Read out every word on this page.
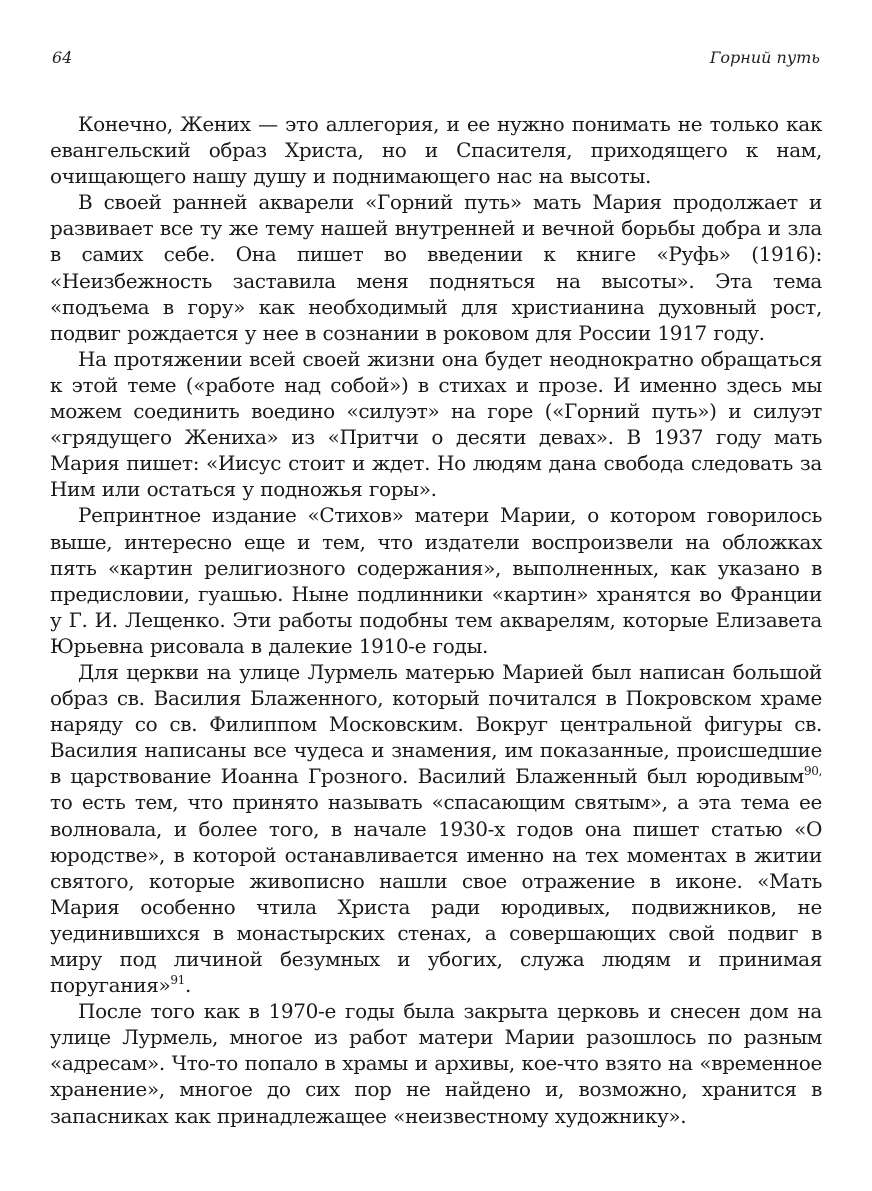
64	Горний путь

Конечно, Жених — это аллегория, и ее нужно понимать не только как евангельский образ Христа, но и Спасителя, приходящего к нам, очищающего нашу душу и поднимающего нас на высоты.

В своей ранней акварели «Горний путь» мать Мария продолжает и развивает все ту же тему нашей внутренней и вечной борьбы добра и зла в самих себе. Она пишет во введении к книге «Руфь» (1916): «Неизбежность заставила меня подняться на высоты». Эта тема «подъема в гору» как необходимый для христианина духовный рост, подвиг рождается у нее в сознании в роковом для России 1917 году.

На протяжении всей своей жизни она будет неоднократно обращаться к этой теме («работе над собой») в стихах и прозе. И именно здесь мы можем соединить воедино «силуэт» на горе («Горний путь») и силуэт «грядущего Жениха» из «Притчи о десяти девах». В 1937 году мать Мария пишет: «Иисус стоит и ждет. Но людям дана свобода следовать за Ним или остаться у подножья горы».

Репринтное издание «Стихов» матери Марии, о котором говорилось выше, интересно еще и тем, что издатели воспроизвели на обложках пять «картин религиозного содержания», выполненных, как указано в предисловии, гуашью. Ныне подлинники «картин» хранятся во Франции у Г. И. Лещенко. Эти работы подобны тем акварелям, которые Елизавета Юрьевна рисовала в далекие 1910-е годы.

Для церкви на улице Лурмель матерью Марией был написан большой образ св. Василия Блаженного, который почитался в Покровском храме наряду со св. Филиппом Московским. Вокруг центральной фигуры св. Василия написаны все чудеса и знамения, им показанные, происшедшие в царствование Иоанна Грозного. Василий Блаженный был юродивым$^{90,}$ то есть тем, что принято называть «спасающим святым», а эта тема ее волновала, и более того, в начале 1930-х годов она пишет статью «О юродстве», в которой останавливается именно на тех моментах в житии святого, которые живописно нашли свое отражение в иконе. «Мать Мария особенно чтила Христа ради юродивых, подвижников, не уединившихся в монастырских стенах, а совершающих свой подвиг в миру под личиной безумных и убогих, служа людям и принимая поругания»$^{91}$.

После того как в 1970-е годы была закрыта церковь и снесен дом на улице Лурмель, многое из работ матери Марии разошлось по разным «адресам». Что-то попало в храмы и архивы, кое-что взято на «временное хранение», многое до сих пор не найдено и, возможно, хранится в запасниках как принадлежащее «неизвестному художнику».
